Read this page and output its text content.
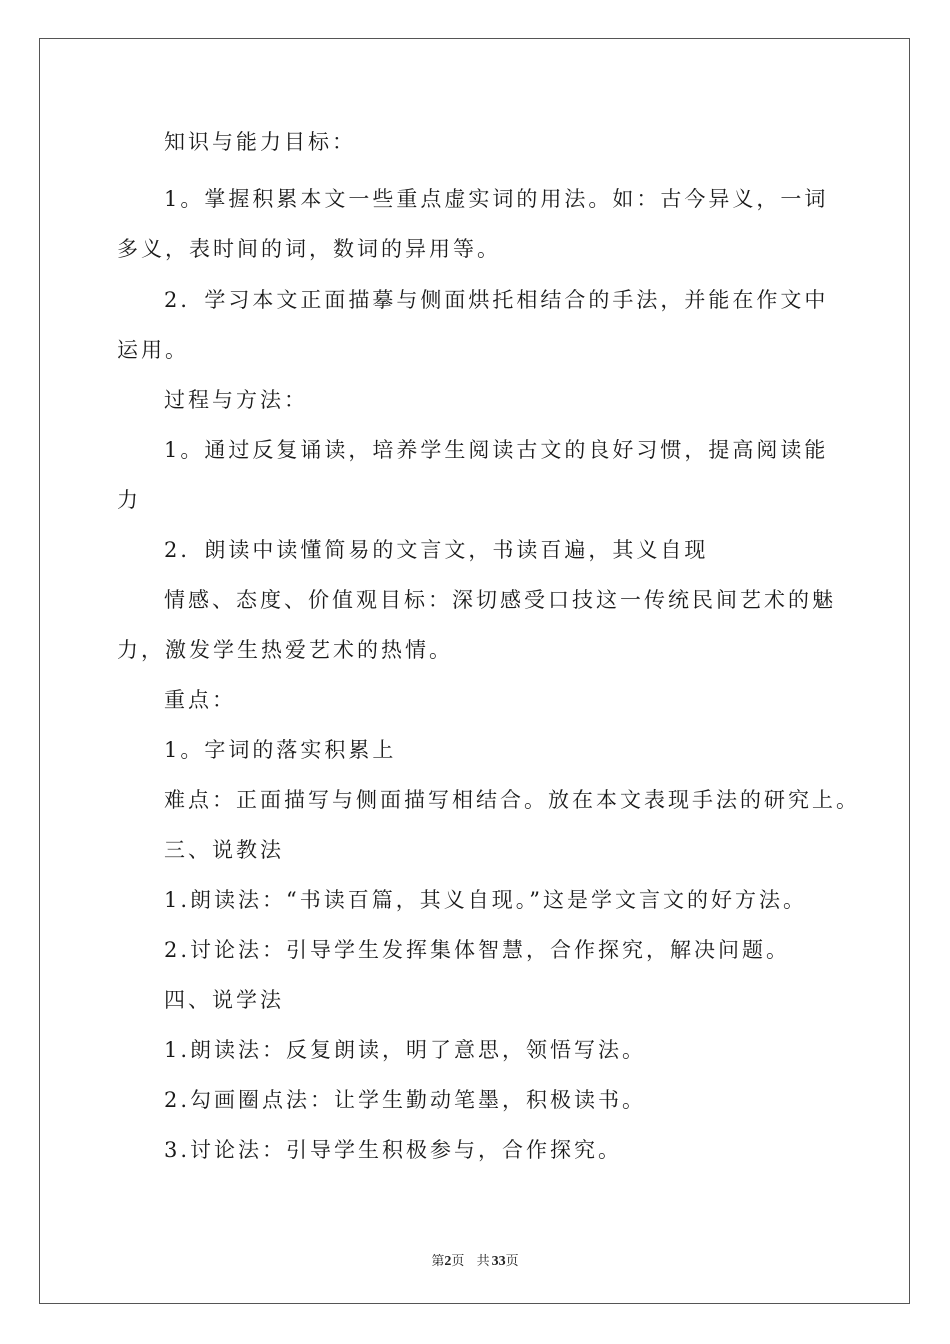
知识与能力目标：
1。掌握积累本文一些重点虚实词的用法。如：古今异义，一词
多义，表时间的词，数词的异用等。
2．学习本文正面描摹与侧面烘托相结合的手法，并能在作文中
运用。
过程与方法：
1。通过反复诵读，培养学生阅读古文的良好习惯，提高阅读能
力
2．朗读中读懂简易的文言文，书读百遍，其义自现
情感、态度、价值观目标：深切感受口技这一传统民间艺术的魅
力，激发学生热爱艺术的热情。
重点：
1。字词的落实积累上
难点：正面描写与侧面描写相结合。放在本文表现手法的研究上。
三、说教法
1.朗读法：“书读百篇，其义自现。”这是学文言文的好方法。
2.讨论法：引导学生发挥集体智慧，合作探究，解决问题。
四、说学法
1.朗读法：反复朗读，明了意思，领悟写法。
2.勾画圈点法：让学生勤动笔墨，积极读书。
3.讨论法：引导学生积极参与，合作探究。
第2页 共 33页
